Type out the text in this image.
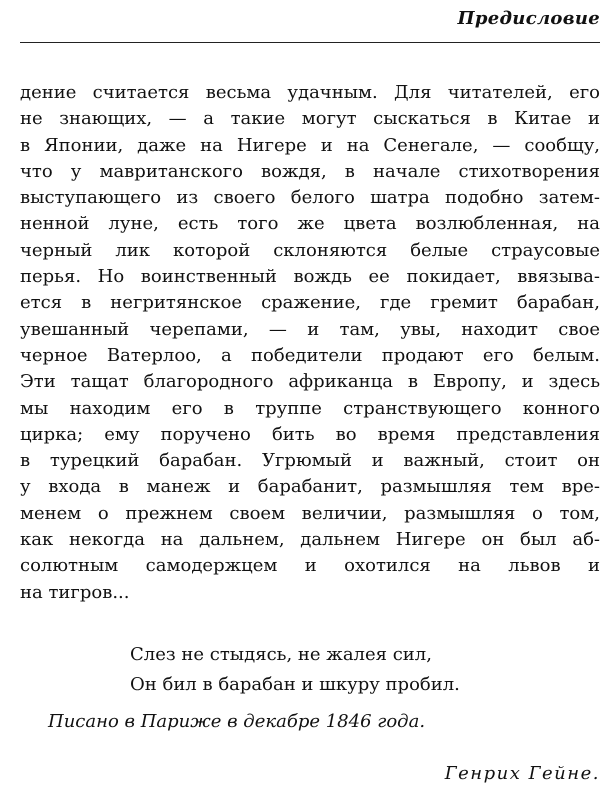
Предисловие
дение считается весьма удачным. Для читателей, его
не знающих, — а такие могут сыскаться в Китае и
в Японии, даже на Нигере и на Сенегале, — сообщу,
что у мавританского вождя, в начале стихотворения
выступающего из своего белого шатра подобно затем-
ненной луне, есть того же цвета возлюбленная, на
черный лик которой склоняются белые страусовые
перья. Но воинственный вождь ее покидает, ввязыва-
ется в негритянское сражение, где гремит барабан,
увешанный черепами, — и там, увы, находит свое
черное Ватерлоо, а победители продают его белым.
Эти тащат благородного африканца в Европу, и здесь
мы находим его в труппе странствующего конного
цирка; ему поручено бить во время представления
в турецкий барабан. Угрюмый и важный, стоит он
у входа в манеж и барабанит, размышляя тем вре-
менем о прежнем своем величии, размышляя о том,
как некогда на дальнем, дальнем Нигере он был аб-
солютным самодержцем и охотился на львов и
на тигров...
Слез не стыдясь, не жалея сил,
Он бил в барабан и шкуру пробил.
Писано в Париже в декабре 1846 года.
Генрих Гейне.
